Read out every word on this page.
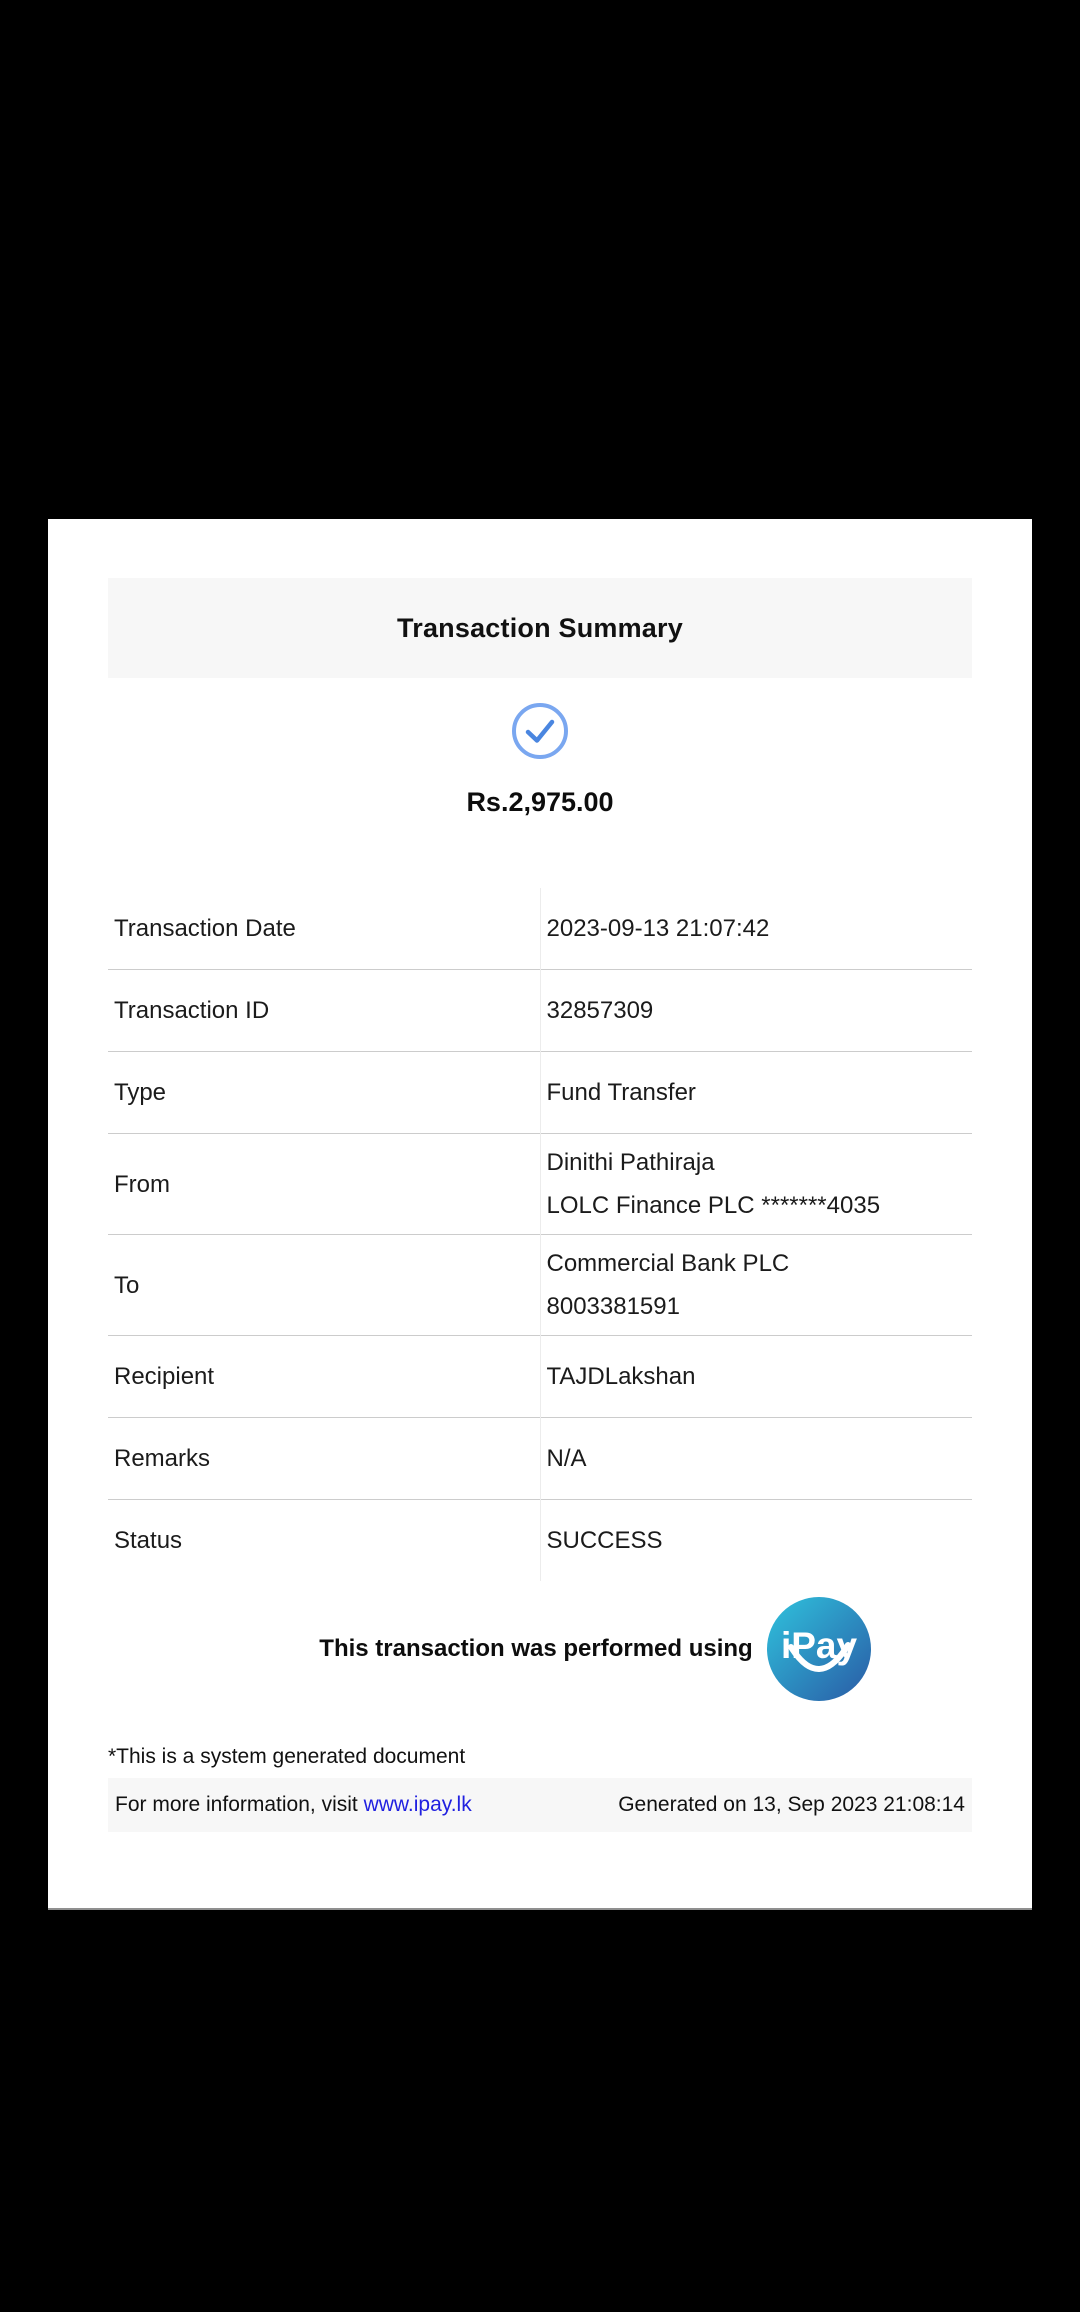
Transaction Summary
Rs.2,975.00
Transaction Date	2023-09-13 21:07:42

Transaction ID	32857309

Type	Fund Transfer

From	Dinithi Pathiraja
LOLC Finance PLC *******4035

To	Commercial Bank PLC
8003381591

Recipient	TAJDLakshan

Remarks	N/A

Status	SUCCESS
This transaction was performed using iPay
*This is a system generated document
For more information, visit www.ipay.lk	Generated on 13, Sep 2023 21:08:14
